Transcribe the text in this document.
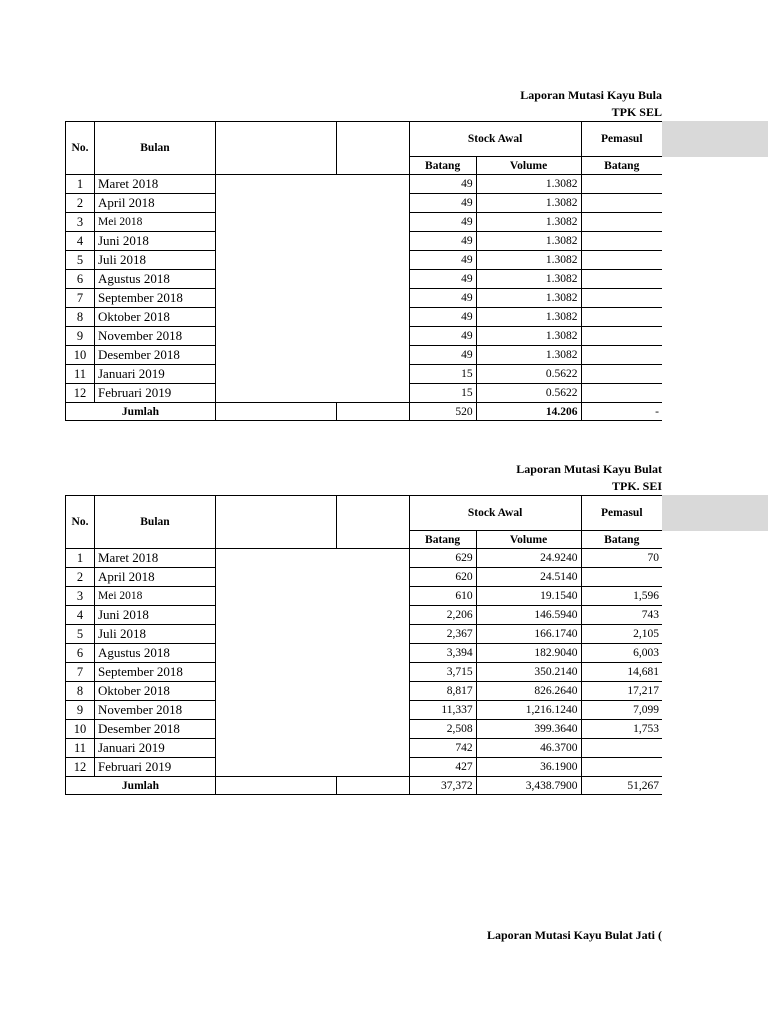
Laporan Mutasi Kayu Bula
TPK SEL
No.	Bulan			Stock Awal		Pemasul
				Batang	Volume	Batang
1	Maret 2018			49	1.3082	
2	April 2018			49	1.3082	
3	Mei 2018			49	1.3082	
4	Juni 2018			49	1.3082	
5	Juli 2018			49	1.3082	
6	Agustus 2018			49	1.3082	
7	September 2018			49	1.3082	
8	Oktober 2018			49	1.3082	
9	November 2018			49	1.3082	
10	Desember 2018			49	1.3082	
11	Januari 2019			15	0.5622	
12	Februari 2019			15	0.5622	
Jumlah				520	14.206	-
No.	Bulan			Stock Awal		Pemasul
				Batang	Volume	Batang
1	Maret 2018			629	24.9240	70
2	April 2018			620	24.5140	
3	Mei 2018			610	19.1540	1,596
4	Juni 2018			2,206	146.5940	743
5	Juli 2018			2,367	166.1740	2,105
6	Agustus 2018			3,394	182.9040	6,003
7	September 2018			3,715	350.2140	14,681
8	Oktober 2018			8,817	826.2640	17,217
9	November 2018			11,337	1,216.1240	7,099
10	Desember 2018			2,508	399.3640	1,753
11	Januari 2019			742	46.3700	
12	Februari 2019			427	36.1900	
Jumlah				37,372	3,438.7900	51,267
Laporan Mutasi Kayu Bulat
TPK. SEI
Laporan Mutasi Kayu Bulat Jati (
